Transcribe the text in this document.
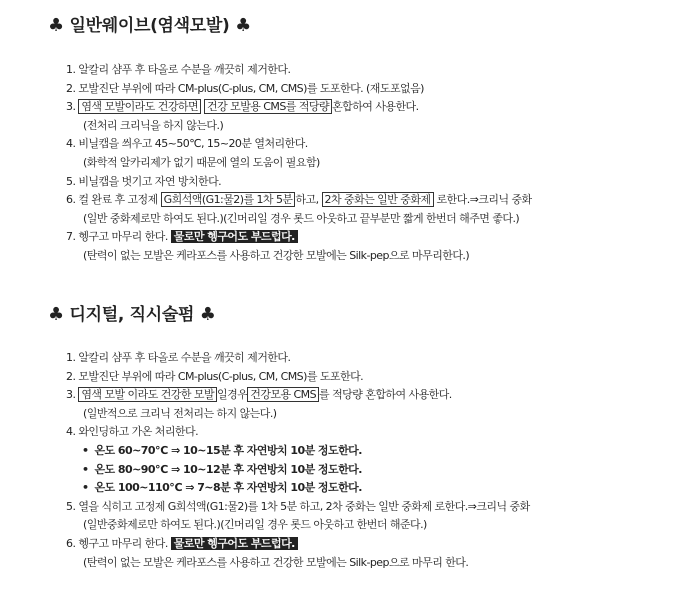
♣ 일반웨이브(염색모발) ♣
1. 알칼리 샴푸 후 타올로 수분을 깨끗히 제거한다.
2. 모발진단 부위에 따라 CM-plus(C-plus, CM, CMS)를 도포한다. (재도포없음)
3. 염색 모발이라도 건강하면 건강 모발용 CMS를 적당량 혼합하여 사용한다.
(전처리 크리닉을 하지 않는다.)
4. 비닐캡을 씌우고 45~50℃, 15~20분 열처리한다.
(화학적 알카리제가 없기 때문에 열의 도움이 필요함)
5. 비닐캡을 벗기고 자연 방치한다.
6. 컬 완료 후 고정제 G희석액(G1:물2)를 1차 5분 하고, 2차 중화는 일반 중화제 로한다.⇒크리닉 중화
(일반 중화제로만 하여도 된다.)(긴머리일 경우 롯드 아웃하고 끝부분만 짧게 한번더 해주면 좋다.)
7. 헹구고 마무리 한다. 물로만 헹구어도 부드럽다.
(탄력이 없는 모발은 케라포스를 사용하고 건강한 모발에는 Silk-pep으로 마무리한다.)
♣ 디지털, 직시술펌 ♣
1. 알칼리 샴푸 후 타올로 수분을 깨끗히 제거한다.
2. 모발진단 부위에 따라 CM-plus(C-plus, CM, CMS)를 도포한다.
3. 염색 모발 이라도 건강한 모발 일경우 건강모용 CMS 를 적당량 혼합하여 사용한다.
(일반적으로 크리닉 전처리는 하지 않는다.)
4. 와인딩하고 가온 처리한다.
• 온도 60~70℃ ⇒ 10~15분 후 자연방치 10분 정도한다.
• 온도 80~90℃ ⇒ 10~12분 후 자연방치 10분 정도한다.
• 온도 100~110℃ ⇒ 7~8분 후 자연방치 10분 정도한다.
5. 열을 식히고 고정제 G희석액(G1:물2)를 1차 5분 하고, 2차 중화는 일반 중화제 로한다.⇒크리닉 중화
(일반중화제로만 하여도 된다.)(긴머리일 경우 롯드 아웃하고 한번더 해준다.)
6. 헹구고 마무리 한다. 물로만 헹구어도 부드럽다.
(탄력이 없는 모발은 케라포스를 사용하고 건강한 모발에는 Silk-pep으로 마무리 한다.
